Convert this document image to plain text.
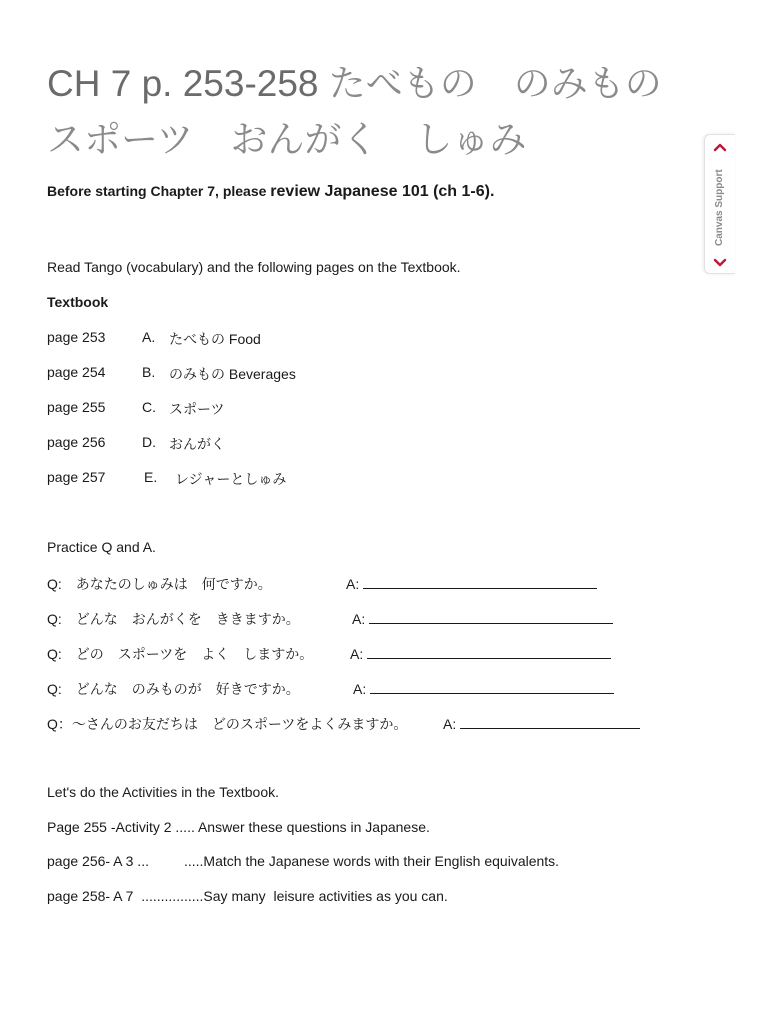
CH 7 p. 253-258 たべもの　のみもの
スポーツ　おんがく　しゅみ
Before starting Chapter 7, please review Japanese 101 (ch 1-6).
Read Tango (vocabulary) and the following pages on the Textbook.
Textbook
page 253	A. たべもの Food
page 254	B. のみもの Beverages
page 255	C. スポーツ
page 256	D. おんがく
page 257	E. レジャーとしゅみ
Practice Q and A.
Q:　あなたのしゅみは　何ですか。	A:
Q:　どんな　おんがくを　ききますか。	A:
Q:　どの　スポーツを　よく　しますか。	A:
Q:　どんな　のみものが　好きですか。	A:
Q：～さんのお友だちは　どのスポーツをよくみますか。	A:
Let's do the Activities in the Textbook.
Page 255 -Activity 2 ..... Answer these questions in Japanese.
page 256- A 3 ...         .....Match the Japanese words with their English equivalents.
page 258- A 7  ................Say many  leisure activities as you can.
Canvas Support
